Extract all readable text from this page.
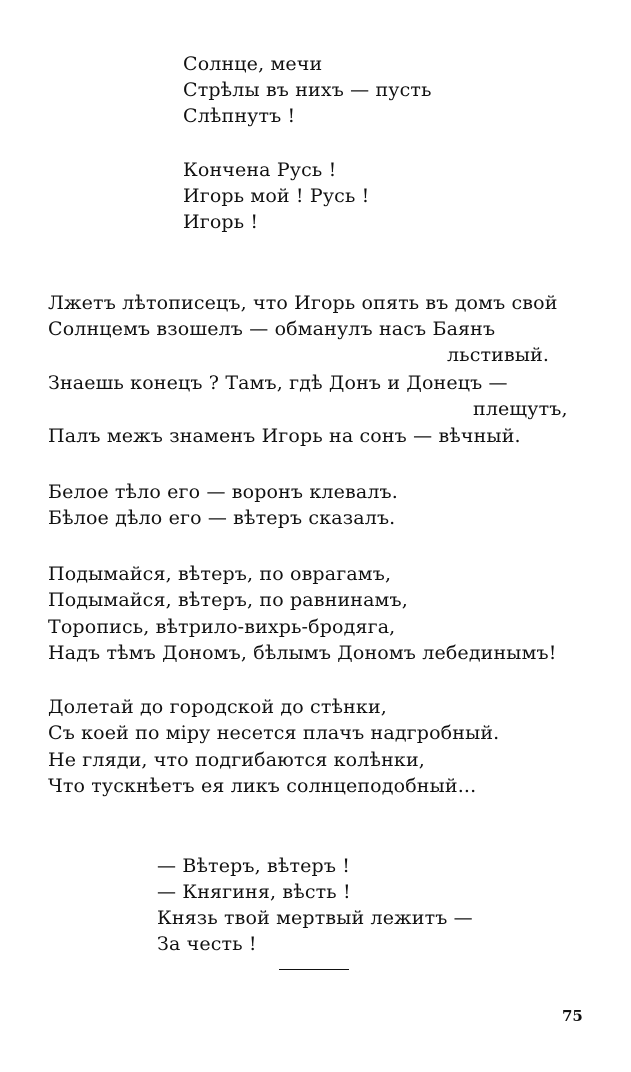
Солнце, мечи
Стрѣлы въ нихъ — пусть
Слѣпнутъ !
Кончена Русь !
Игорь мой ! Русь !
Игорь !
Лжетъ лѣтописецъ, что Игорь опять въ домъ свой
Солнцемъ взошелъ — обманулъ насъ Баянъ
льстивый.
Знаешь конецъ ? Тамъ, гдѣ Донъ и Донецъ —
плещутъ,
Палъ межъ знаменъ Игорь на сонъ — вѣчный.
Белое тѣло его — воронъ клевалъ.
Бѣлое дѣло его — вѣтеръ сказалъ.
Подымайся, вѣтеръ, по оврагамъ,
Подымайся, вѣтеръ, по равнинамъ,
Торопись, вѣтрило-вихрь-бродяга,
Надъ тѣмъ Дономъ, бѣлымъ Дономъ лебединымъ!
Долетай до городской до стѣнки,
Съ коей по міру несется плачъ надгробный.
Не гляди, что подгибаются колѣнки,
Что тускнѣетъ ея ликъ солнцеподобный...
— Вѣтеръ, вѣтеръ !
— Княгиня, вѣсть !
Князь твой мертвый лежитъ —
За честь !
75
